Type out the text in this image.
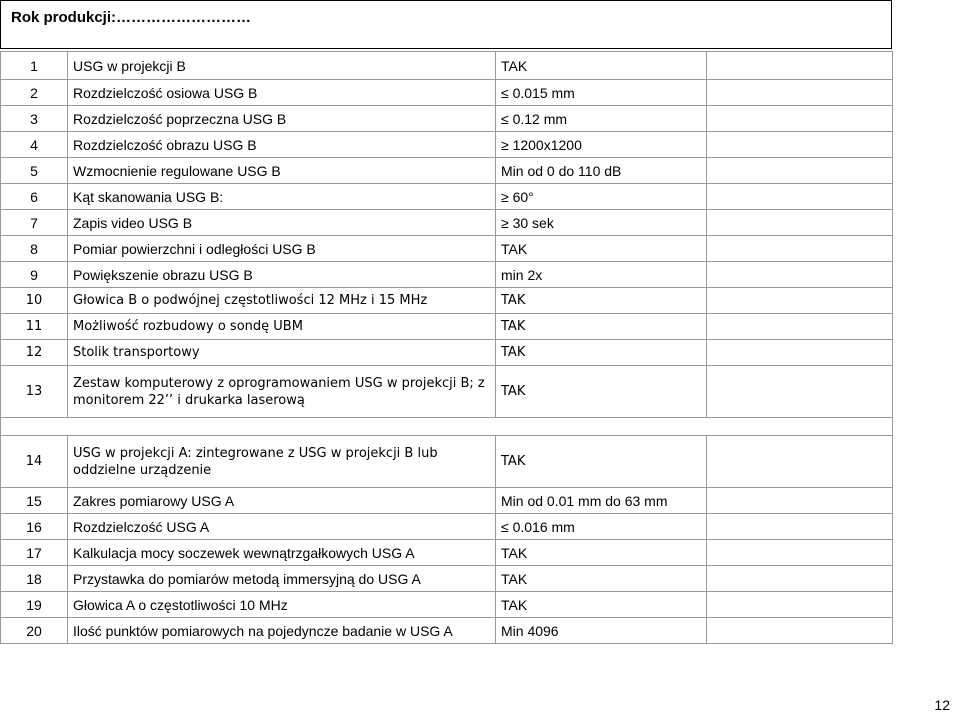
Rok produkcji:………………………
1	USG w projekcji B	TAK	
2	Rozdzielczość osiowa USG B	≤ 0.015 mm	
3	Rozdzielczość poprzeczna USG B	≤ 0.12 mm	
4	Rozdzielczość obrazu USG B	≥ 1200x1200	
5	Wzmocnienie regulowane USG B	Min od 0 do 110 dB	
6	Kąt skanowania USG B:	≥ 60°	
7	Zapis video USG B	≥ 30 sek	
8	Pomiar powierzchni i odległości USG B	TAK	
9	Powiększenie obrazu USG B	min 2x	
10	Głowica B o podwójnej częstotliwości 12 MHz i 15 MHz	TAK	
11	Możliwość rozbudowy o sondę UBM	TAK	
12	Stolik transportowy	TAK	
13	Zestaw komputerowy z oprogramowaniem USG w projekcji B; z monitorem 22’’ i drukarka laserową	TAK	

14	USG w projekcji A: zintegrowane z USG w projekcji B lub oddzielne urządzenie	TAK	
15	Zakres pomiarowy USG A	Min od 0.01 mm do 63 mm	
16	Rozdzielczość USG A	≤ 0.016 mm	
17	Kalkulacja mocy soczewek wewnątrzgałkowych USG A	TAK	
18	Przystawka do pomiarów metodą immersyjną do USG A	TAK	
19	Głowica A o częstotliwości 10 MHz	TAK	
20	Ilość punktów pomiarowych na pojedyncze badanie w USG A	Min 4096	
12
